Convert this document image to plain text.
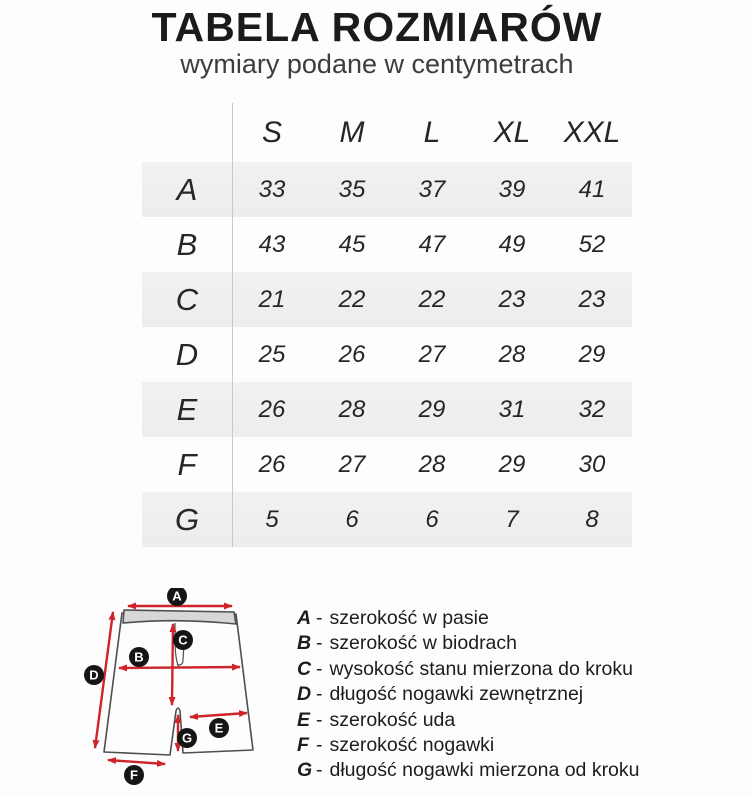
TABELA ROZMIARÓW
wymiary podane w centymetrach
S	M	L	XL	XXL
A	33	35	37	39	41
B	43	45	47	49	52
C	21	22	22	23	23
D	25	26	27	28	29
E	26	28	29	31	32
F	26	27	28	29	30
G	5	6	6	7	8
A
B
C
D
E
F
G
A - szerokość w pasie
B - szerokość w biodrach
C - wysokość stanu mierzona do kroku
D - długość nogawki zewnętrznej
E - szerokość uda
F - szerokość nogawki
G - długość nogawki mierzona od kroku
